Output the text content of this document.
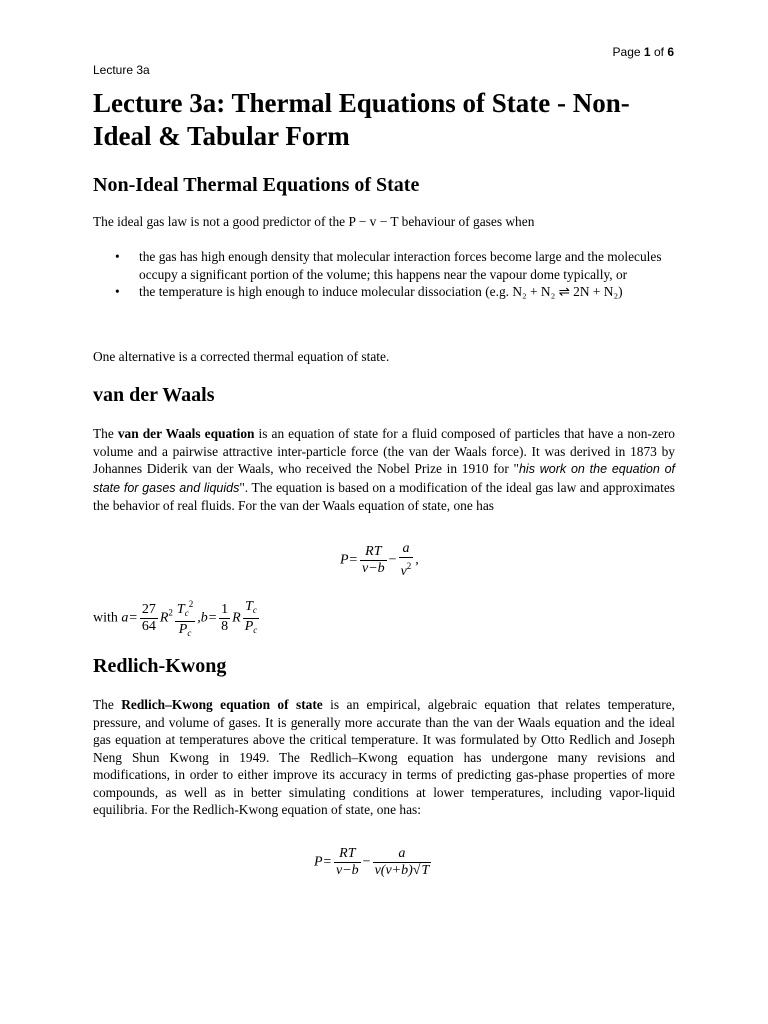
Page 1 of 6
Lecture 3a
Lecture 3a: Thermal Equations of State - Non-Ideal & Tabular Form
Non-Ideal Thermal Equations of State
The ideal gas law is not a good predictor of the P − v − T behaviour of gases when
• the gas has high enough density that molecular interaction forces become large and the molecules occupy a significant portion of the volume; this happens near the vapour dome typically, or
• the temperature is high enough to induce molecular dissociation (e.g. N₂ + N₂ ⇌ 2N + N₂)
One alternative is a corrected thermal equation of state.
van der Waals
The van der Waals equation is an equation of state for a fluid composed of particles that have a non-zero volume and a pairwise attractive inter-particle force (the van der Waals force). It was derived in 1873 by Johannes Diderik van der Waals, who received the Nobel Prize in 1910 for "his work on the equation of state for gases and liquids". The equation is based on a modification of the ideal gas law and approximates the behavior of real fluids. For the van der Waals equation of state, one has
$P= \frac{RT}{v-b} - \frac{a}{v^2}$ ,
with $a= \frac{27}{64} R^2 \frac{T_c^2}{P_c} ,b= \frac{1}{8}$ R $\frac{T_c}{P_c}$
Redlich-Kwong
The Redlich–Kwong equation of state is an empirical, algebraic equation that relates temperature, pressure, and volume of gases. It is generally more accurate than the van der Waals equation and the ideal gas equation at temperatures above the critical temperature. It was formulated by Otto Redlich and Joseph Neng Shun Kwong in 1949. The Redlich–Kwong equation has undergone many revisions and modifications, in order to either improve its accuracy in terms of predicting gas-phase properties of more compounds, as well as in better simulating conditions at lower temperatures, including vapor-liquid equilibria. For the Redlich-Kwong equation of state, one has:
$P= \frac{RT}{v-b} - \frac{a}{v(v+b)√T}$
